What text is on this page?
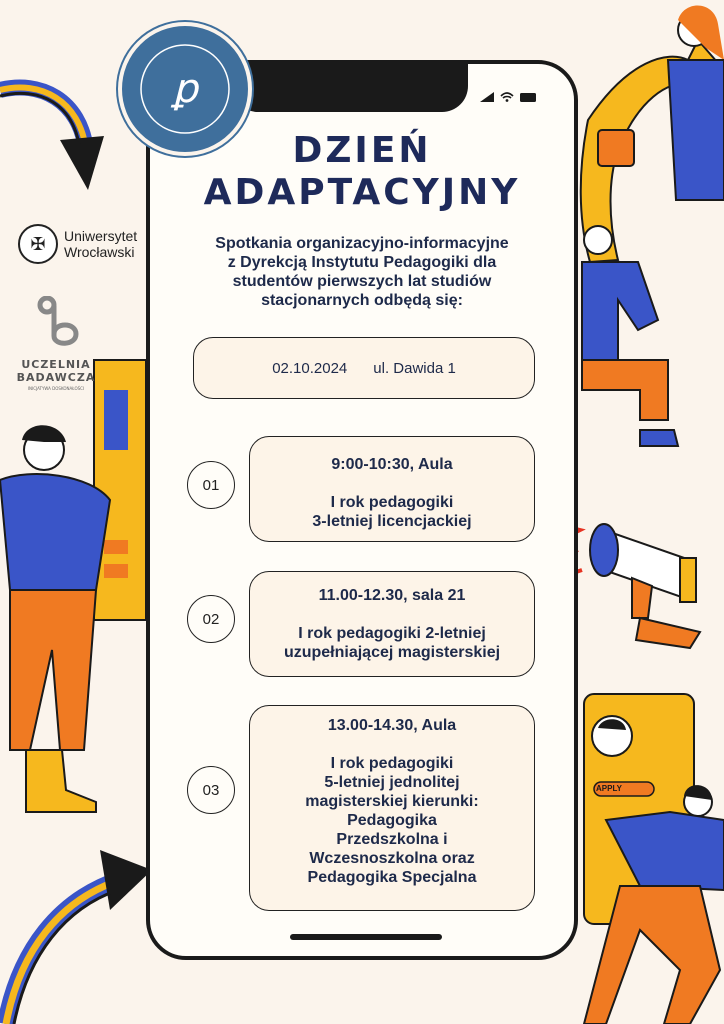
ꝑ
✠	Uniwersytet
Wrocławski
UCZELNIA
BADAWCZA
INICJATYWA DOSKONAŁOŚCI
DZIEŃ
ADAPTACYJNY
Spotkania organizacyjno-informacyjne
z Dyrekcją Instytutu Pedagogiki dla
studentów pierwszych lat studiów
stacjonarnych odbędą się:
02.10.2024 ul. Dawida 1
01
9:00-10:30, Aula
I rok pedagogiki
3-letniej licencjackiej
02
11.00-12.30, sala 21
I rok pedagogiki 2-letniej
uzupełniającej magisterskiej
03
13.00-14.30, Aula
I rok pedagogiki
5-letniej jednolitej
magisterskiej kierunki:
Pedagogika
Przedszkolna i
Wczesnoszkolna oraz
Pedagogika Specjalna
APPLY
